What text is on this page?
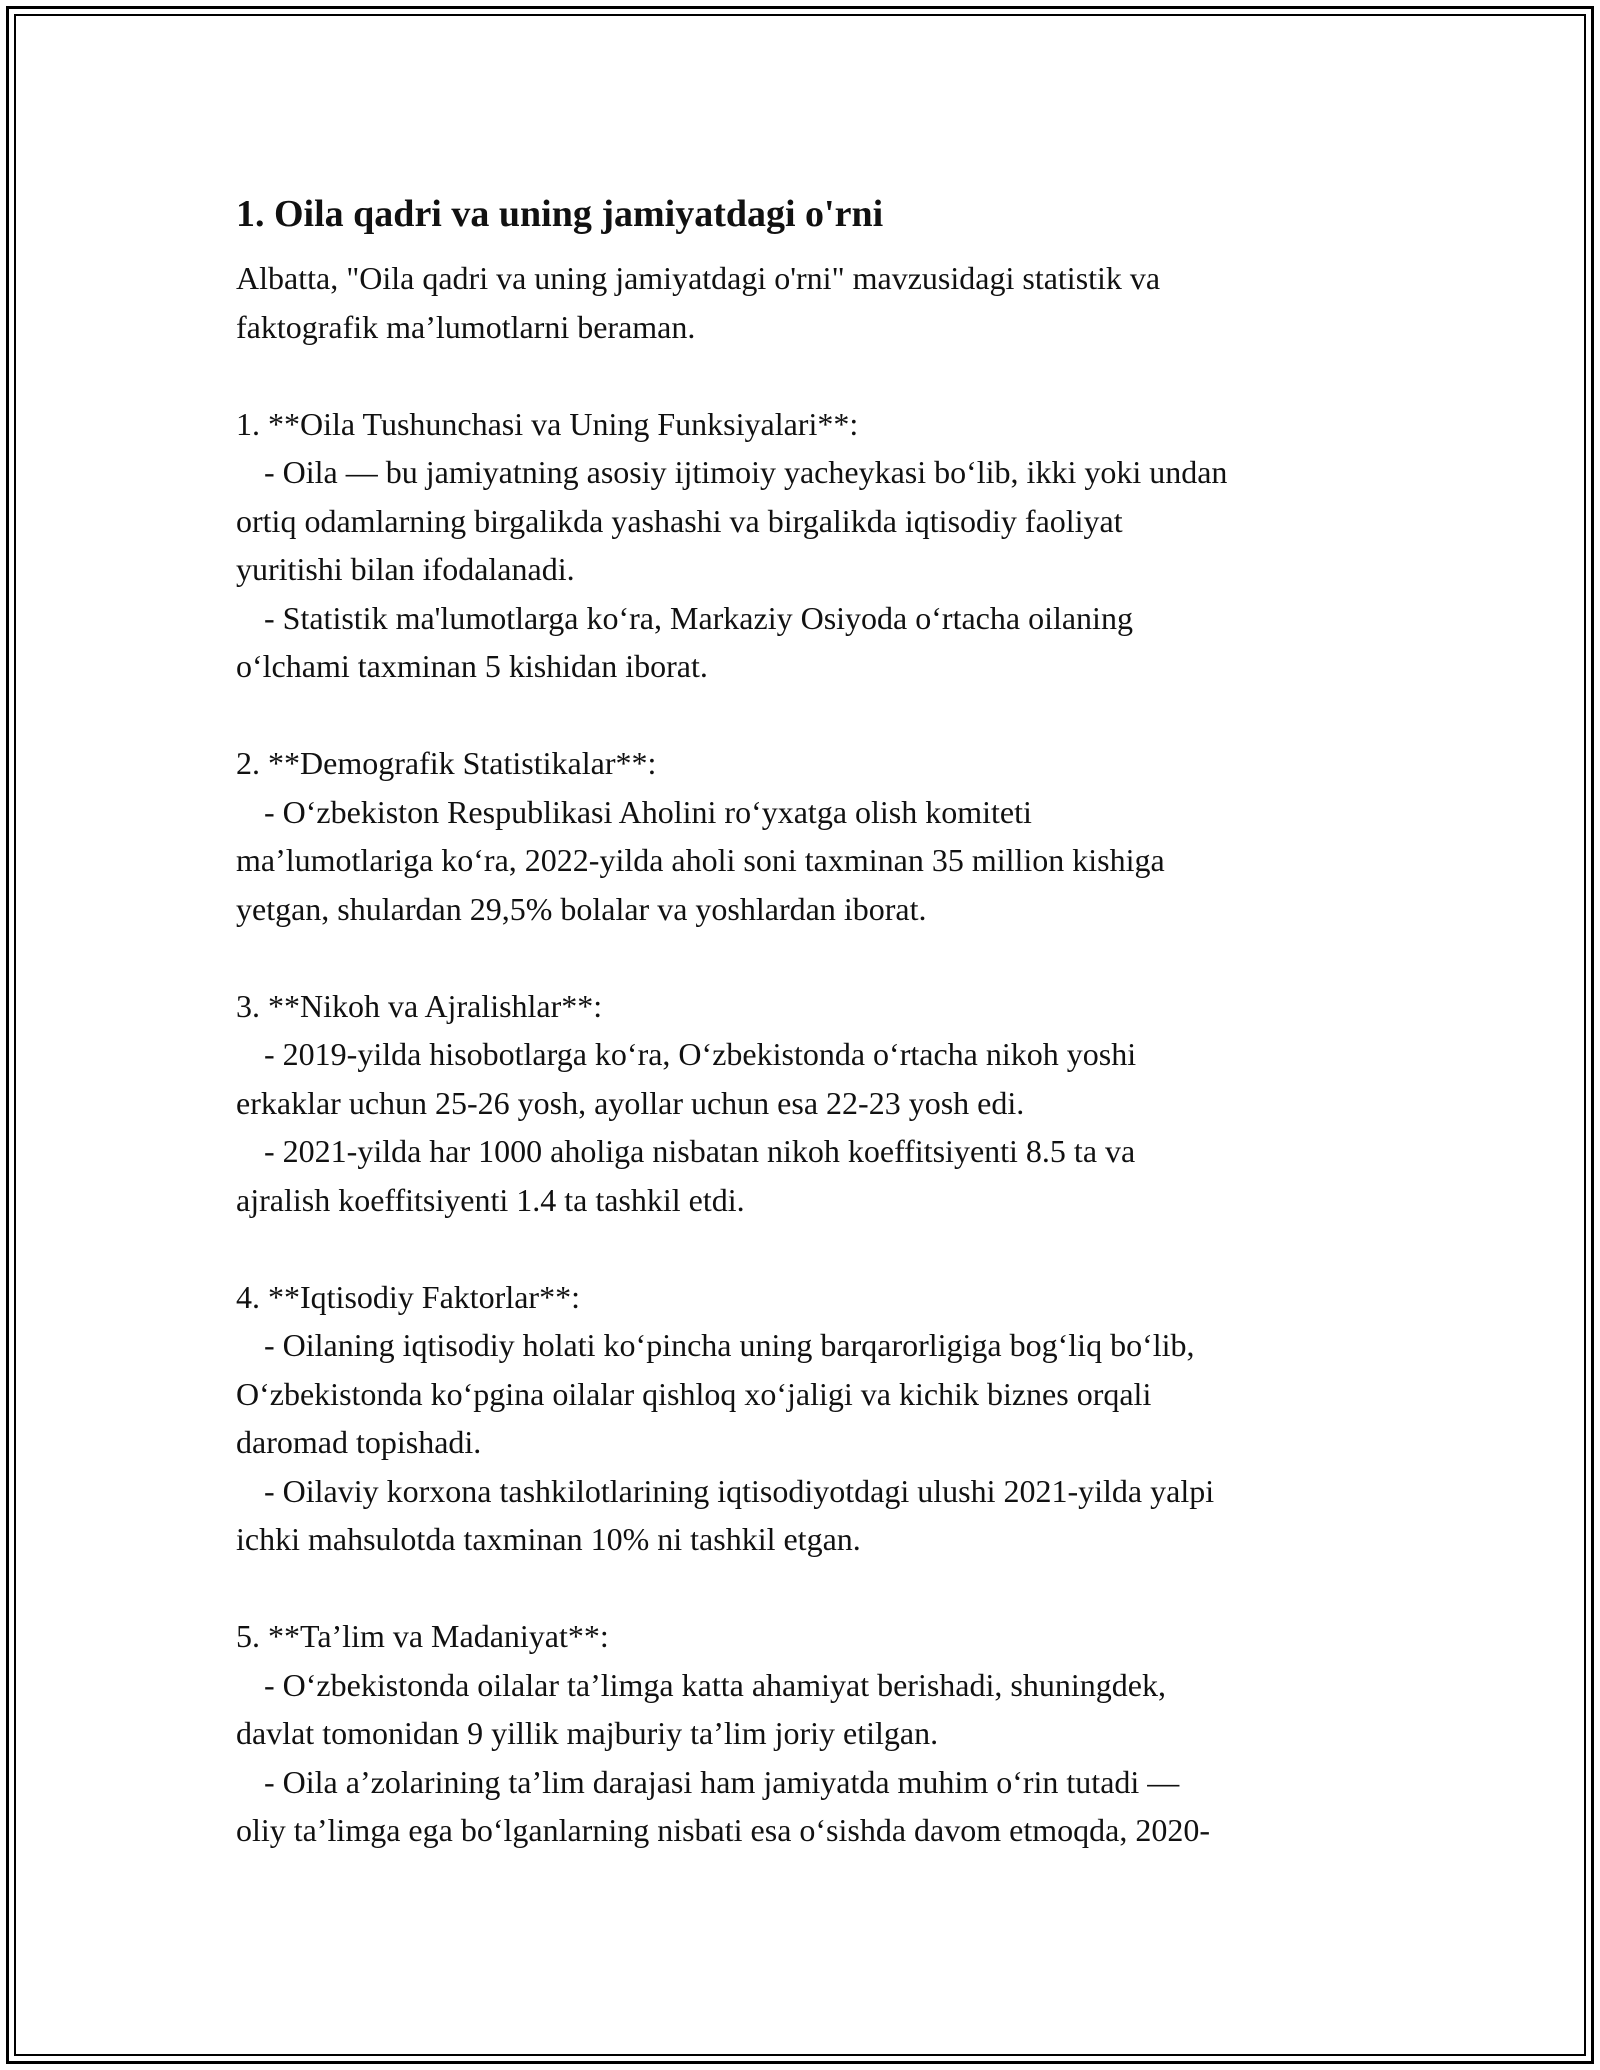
1. Oila qadri va uning jamiyatdagi o'rni

Albatta, "Oila qadri va uning jamiyatdagi o'rni" mavzusidagi statistik va
faktografik ma’lumotlarni beraman.

1. **Oila Tushunchasi va Uning Funksiyalari**:

- Oila — bu jamiyatning asosiy ijtimoiy yacheykasi boʻlib, ikki yoki undan
ortiq odamlarning birgalikda yashashi va birgalikda iqtisodiy faoliyat
yuritishi bilan ifodalanadi.

- Statistik ma'lumotlarga koʻra, Markaziy Osiyoda oʻrtacha oilaning
oʻlchami taxminan 5 kishidan iborat.

2. **Demografik Statistikalar**:

- Oʻzbekiston Respublikasi Aholini roʻyxatga olish komiteti
ma’lumotlariga koʻra, 2022-yilda aholi soni taxminan 35 million kishiga
yetgan, shulardan 29,5% bolalar va yoshlardan iborat.

3. **Nikoh va Ajralishlar**:

- 2019-yilda hisobotlarga koʻra, Oʻzbekistonda oʻrtacha nikoh yoshi
erkaklar uchun 25-26 yosh, ayollar uchun esa 22-23 yosh edi.

- 2021-yilda har 1000 aholiga nisbatan nikoh koeffitsiyenti 8.5 ta va
ajralish koeffitsiyenti 1.4 ta tashkil etdi.

4. **Iqtisodiy Faktorlar**:

- Oilaning iqtisodiy holati koʻpincha uning barqarorligiga bogʻliq boʻlib,
Oʻzbekistonda koʻpgina oilalar qishloq xoʻjaligi va kichik biznes orqali
daromad topishadi.

- Oilaviy korxona tashkilotlarining iqtisodiyotdagi ulushi 2021-yilda yalpi
ichki mahsulotda taxminan 10% ni tashkil etgan.

5. **Ta’lim va Madaniyat**:

- Oʻzbekistonda oilalar ta’limga katta ahamiyat berishadi, shuningdek,
davlat tomonidan 9 yillik majburiy ta’lim joriy etilgan.

- Oila a’zolarining ta’lim darajasi ham jamiyatda muhim oʻrin tutadi —
oliy ta’limga ega boʻlganlarning nisbati esa oʻsishda davom etmoqda, 2020-
